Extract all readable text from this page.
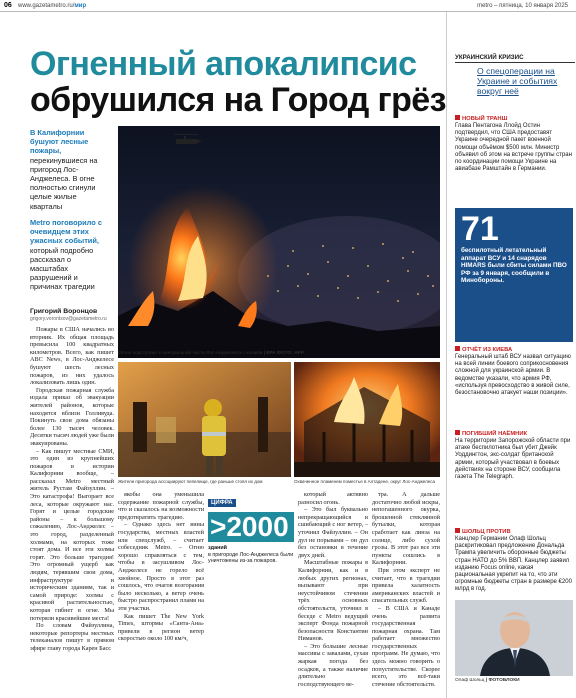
06 www.gazetametro.ru/мир	metro – пятница, 10 января 2025
Огненный апокалипсис
обрушился на Город грёз
В Калифорнии бушуют лесные пожары, перекинувшиеся на пригород Лос-Анджелеса. В огне полностью сгинули целые жилые кварталы
Metro поговорило с очевидцем этих ужасных событий, который подробно рассказал о масштабах разрушений и причинах трагедии
Григорий Воронцов
grigory.vorontsov@gazetametro.ru

Пожары в США начались во вторник. Их общая площадь превысила 100 квадратных километров. Всего, как пишет ABC News, в Лос-Анджелесе бушуют шесть лесных пожаров, из них удалось локализовать лишь один.

Городская пожарная служба издала приказ об эвакуации жителей районов, которые находятся вблизи Голливуда. Покинуть свои дома обязаны более 130 тысяч человек. Десятки тысяч людей уже были эвакуированы.

– Как пишут местные СМИ, это один из крупнейших пожаров в истории Калифорнии вообще, – рассказал Metro местный житель Рустам Файзуллин. – Это катастрофа! Выгорает все лесa, которые окружают нас. Горят и целые городские районы – к большому сожалению, Лос-Анджелес – это город, разделенный холмами, на которых тоже стоят дома. И все эти холмы горят. Это больше трагедия! Это огромный ущерб как людям, терявшим свои дома, инфраструктуре и историческим зданиям, так и самой природе: холмы с красивой растительностью, которая гибнет в огне. Мы потеряли красивейшие места!

По словам Файзуллина, некоторые репортеры местных телеканалов пишут в прямом эфире главу города Карен Басс

Огонь подступает к центральной части Лос-Анджелеса с холмов | EPA ФОТО: AFP
Жители пригорода ассоциируют пепелище, где раньше стоял их дом	Охваченное пламенем поместье в Алтадене, округ Лос-Анджелеса

якобы она уменьшила содержание пожарной службы, что и сказалось на возможности предотвратить трагедию.

– Однако здесь нет вины государства, местных властей или спецслужб, – считает собеседник Metro. – Огню хорошо справляться с тем, чтобы в засушливом Лос-Анджелесе не горело всё хвойное. Просто в этот раз сошлось, что очагов возгорания было несколько, а ветер очень быстро распространил пламя на эти участки.

Как пишет The New York Times, штормы «Санта-Ана» привели в регион ветер скоростью около 100 км/ч,

ЦИФРА
>2000
зданий
в пригороде Лос-Анджелеса были уничтожены из-за пожаров.

который активно разносил огонь.

– Это был буквально непрекращающийся и сшибающий с ног ветер, – уточнил Файзуллин. – Он дул не порывами – он дул без остановки в течение двух дней.

Масштабные пожары в Калифорнии, как и в любых других регионах, вызывают при неустойчивом стечении трёх основных обстоятельств, уточнил в беседе с Metro ведущий эксперт Фонда пожарной безопасности Константин Ниманов.

– Это большие лесные массивы с завалами, сухая жаркая погода без осадков, а также наличие длительно господствующего ве-

тра. А дальше достаточно любой искры, непогашенного окурка, брошенной стеклянной бутылки, которая сработает как линза на солнце, либо сухой грозы. В этот раз все эти пункты сошлись в Калифорнии.

При этом эксперт не считает, что в трагедии привела халатность американских властей и спасательных служб.

– В США и Канаде очень развита государственная пожарная охрана. Там работает множество государственных программ. Не думаю, что здесь можно говорить о попустительстве. Скорее всего, это всё-таки стечение обстоятельств.

УКРАИНСКИЙ КРИЗИС
О спецоперации на Украине и событиях вокруг неё
НОВЫЙ ТРАНШ
Глава Пентагона Ллойд Остин подтвердил, что США предоставят Украине очередной пакет военной помощи объёмом $500 млн. Министр объявил об этом на встрече группы стран по координации помощи Украине на авиабазе Рамштайн в Германии.
71
беспилотный летательный аппарат ВСУ и 14 снарядов HIMARS были сбиты силами ПВО РФ за 9 января, сообщили в Минобороны.
ОТЧЁТ ИЗ КИЕВА
Генеральный штаб ВСУ назвал ситуацию на всей линии боевого соприкосновения сложной для украинской армии. В ведомстве указали, что армия РФ, «используя превосходство в живой силе, безостановочно атакует наши позиции».
ПОГИБШИЙ НАЁМНИК
На территории Запорожской области при атаке беспилотника был убит Джейк Уоддингтон, экс-солдат британской армии, который участвовал в боевых действиях на стороне ВСУ, сообщила газета The Telegraph.
ШОЛЬЦ ПРОТИВ
Канцлер Германии Олаф Шольц раскритиковал предложение Дональда Трампа увеличить оборонные бюджеты стран НАТО до 5% ВВП. Канцлер заявил изданию Focus online, какая рациональная укрепит на то, что эти огромные бюджеты стран в размере €200 млрд в год.
Олаф Шольц | ФОТОБЛОКИ
